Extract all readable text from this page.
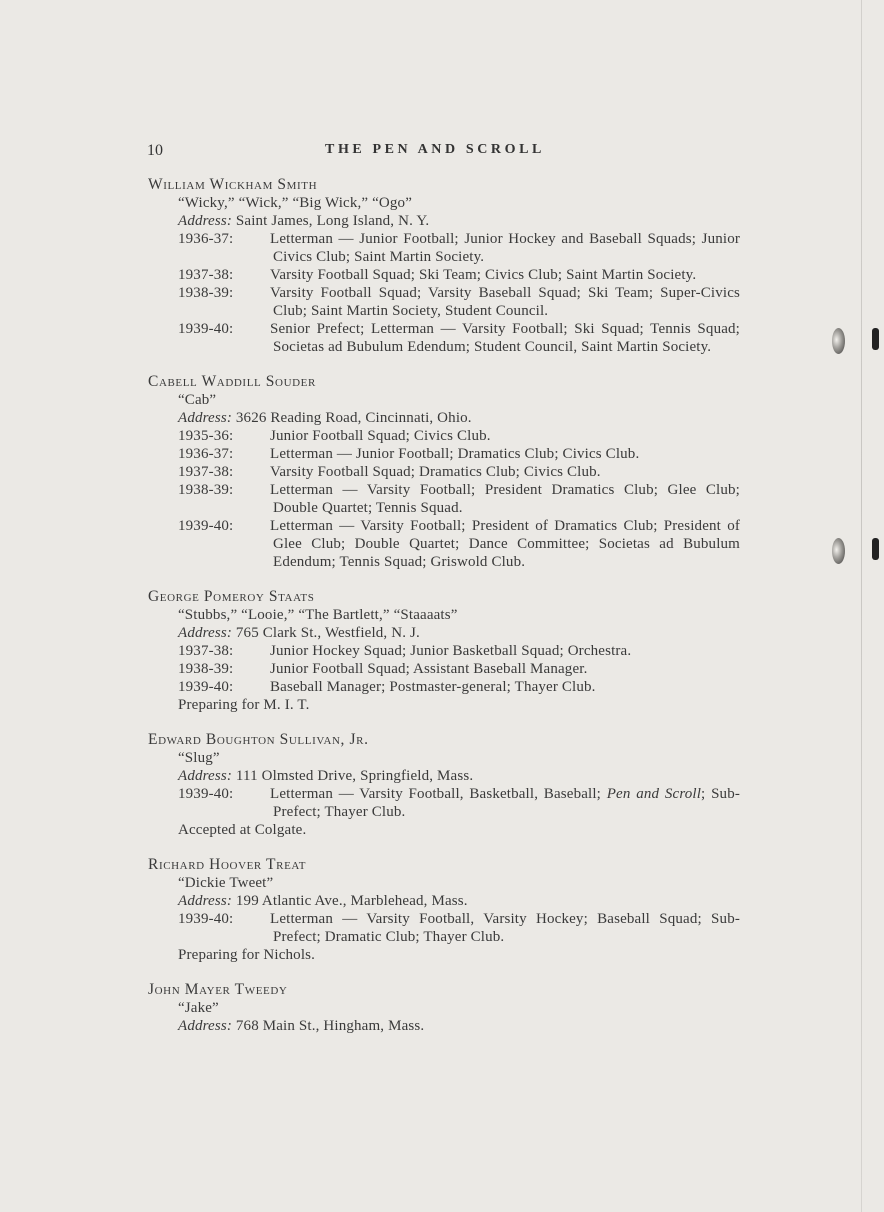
10	THE PEN AND SCROLL
William Wickham Smith
“Wicky,” “Wick,” “Big Wick,” “Ogo”
Address: Saint James, Long Island, N. Y.
1936-37:	Letterman — Junior Football; Junior Hockey and Baseball Squads; Junior Civics Club; Saint Martin Society.
1937-38:	Varsity Football Squad; Ski Team; Civics Club; Saint Martin Society.
1938-39:	Varsity Football Squad; Varsity Baseball Squad; Ski Team; Super-Civics Club; Saint Martin Society, Student Council.
1939-40:	Senior Prefect; Letterman — Varsity Football; Ski Squad; Tennis Squad; Societas ad Bubulum Edendum; Student Council, Saint Martin Society.
Cabell Waddill Souder
“Cab”
Address: 3626 Reading Road, Cincinnati, Ohio.
1935-36:	Junior Football Squad; Civics Club.
1936-37:	Letterman — Junior Football; Dramatics Club; Civics Club.
1937-38:	Varsity Football Squad; Dramatics Club; Civics Club.
1938-39:	Letterman — Varsity Football; President Dramatics Club; Glee Club; Double Quartet; Tennis Squad.
1939-40:	Letterman — Varsity Football; President of Dramatics Club; President of Glee Club; Double Quartet; Dance Committee; Societas ad Bubulum Edendum; Tennis Squad; Griswold Club.
George Pomeroy Staats
“Stubbs,” “Looie,” “The Bartlett,” “Staaaats”
Address: 765 Clark St., Westfield, N. J.
1937-38:	Junior Hockey Squad; Junior Basketball Squad; Orchestra.
1938-39:	Junior Football Squad; Assistant Baseball Manager.
1939-40:	Baseball Manager; Postmaster-general; Thayer Club.
Preparing for M. I. T.
Edward Boughton Sullivan, Jr.
“Slug”
Address: 111 Olmsted Drive, Springfield, Mass.
1939-40:	Letterman — Varsity Football, Basketball, Baseball; Pen and Scroll; Sub-Prefect; Thayer Club.
Accepted at Colgate.
Richard Hoover Treat
“Dickie Tweet”
Address: 199 Atlantic Ave., Marblehead, Mass.
1939-40:	Letterman — Varsity Football, Varsity Hockey; Baseball Squad; Sub-Prefect; Dramatic Club; Thayer Club.
Preparing for Nichols.
John Mayer Tweedy
“Jake”
Address: 768 Main St., Hingham, Mass.
